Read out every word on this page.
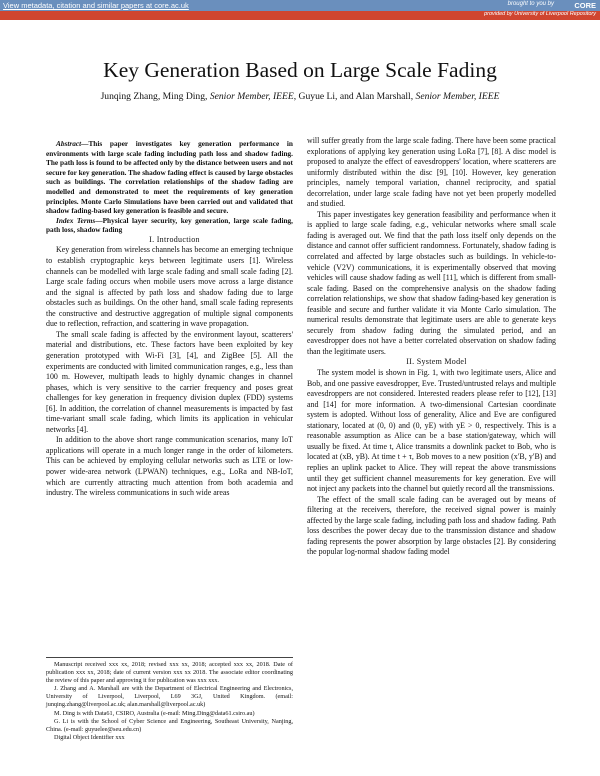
View metadata, citation and similar papers at core.ac.uk	brought to you by	CORE
provided by University of Liverpool Repository
Key Generation Based on Large Scale Fading
Junqing Zhang, Ming Ding, Senior Member, IEEE, Guyue Li, and Alan Marshall, Senior Member, IEEE

Abstract—This paper investigates key generation performance in environments with large scale fading including path loss and shadow fading. The path loss is found to be affected only by the distance between users and not secure for key generation. The shadow fading effect is caused by large obstacles such as buildings. The correlation relationships of the shadow fading are modelled and demonstrated to meet the requirements of key generation principles. Monte Carlo Simulations have been carried out and validated that shadow fading-based key generation is feasible and secure.

Index Terms—Physical layer security, key generation, large scale fading, path loss, shadow fading

I. Introduction

Key generation from wireless channels has become an emerging technique to establish cryptographic keys between legitimate users [1]. Wireless channels can be modelled with large scale fading and small scale fading [2]. Large scale fading occurs when mobile users move across a large distance and the signal is affected by path loss and shadow fading due to large obstacles such as buildings. On the other hand, small scale fading represents the constructive and destructive aggregation of multiple signal components due to reflection, refraction, and scattering in wave propagation.

The small scale fading is affected by the environment layout, scatterers' material and distributions, etc. These factors have been exploited by key generation prototyped with Wi-Fi [3], [4], and ZigBee [5]. All the experiments are conducted with limited communication ranges, e.g., less than 100 m. However, multipath leads to highly dynamic changes in channel phases, which is very sensitive to the carrier frequency and poses great challenges for key generation in frequency division duplex (FDD) systems [6]. In addition, the correlation of channel measurements is impacted by fast time-variant small scale fading, which limits its application in vehicular networks [4].

In addition to the above short range communication scenarios, many IoT applications will operate in a much longer range in the order of kilometers. This can be achieved by employing cellular networks such as LTE or low-power wide-area network (LPWAN) techniques, e.g., LoRa and NB-IoT, which are currently attracting much attention from both academia and industry. The wireless communications in such wide areas

Manuscript received xxx xx, 2018; revised xxx xx, 2018; accepted xxx xx, 2018. Date of publication xxx xx, 2018; date of current version xxx xx 2018. The associate editor coordinating the review of this paper and approving it for publication was xxx xxx.

J. Zhang and A. Marshall are with the Department of Electrical Engineering and Electronics, University of Liverpool, Liverpool, L69 3GJ, United Kingdom. (email: junqing.zhang@liverpool.ac.uk; alan.marshall@liverpool.ac.uk)

M. Ding is with Data61, CSIRO, Australia (e-mail: Ming.Ding@data61.csiro.au)

G. Li is with the School of Cyber Science and Engineering, Southeast University, Nanjing, China. (e-mail: guyuelee@seu.edu.cn)

Digital Object Identifier xxx

will suffer greatly from the large scale fading. There have been some practical explorations of applying key generation using LoRa [7], [8]. A disc model is proposed to analyze the effect of eavesdroppers' location, where scatterers are uniformly distributed within the disc [9], [10]. However, key generation principles, namely temporal variation, channel reciprocity, and spatial decorrelation, under large scale fading have not yet been properly modelled and studied.

This paper investigates key generation feasibility and performance when it is applied to large scale fading, e.g., vehicular networks where small scale fading is averaged out. We find that the path loss itself only depends on the distance and cannot offer sufficient randomness. Fortunately, shadow fading is correlated and affected by large obstacles such as buildings. In vehicle-to-vehicle (V2V) communications, it is experimentally observed that moving vehicles will cause shadow fading as well [11], which is different from small-scale fading. Based on the comprehensive analysis on the shadow fading correlation relationships, we show that shadow fading-based key generation is feasible and secure and further validate it via Monte Carlo simulation. The numerical results demonstrate that legitimate users are able to generate keys securely from shadow fading during the simulated period, and an eavesdropper does not have a better correlated observation on shadow fading than the legitimate users.

II. System Model

The system model is shown in Fig. 1, with two legitimate users, Alice and Bob, and one passive eavesdropper, Eve. Trusted/untrusted relays and multiple eavesdroppers are not considered. Interested readers please refer to [12], [13] and [14] for more information. A two-dimensional Cartesian coordinate system is adopted. Without loss of generality, Alice and Eve are configured stationary, located at (0, 0) and (0, yE) with yE > 0, respectively. This is a reasonable assumption as Alice can be a base station/gateway, which will usually be fixed. At time t, Alice transmits a downlink packet to Bob, who is located at (xB, yB). At time t + τ, Bob moves to a new position (x′B, y′B) and replies an uplink packet to Alice. They will repeat the above transmissions until they get sufficient channel measurements for key generation. Eve will not inject any packets into the channel but quietly record all the transmissions.

The effect of the small scale fading can be averaged out by means of filtering at the receivers, therefore, the received signal power is mainly affected by the large scale fading, including path loss and shadow fading. Path loss describes the power decay due to the transmission distance and shadow fading represents the power absorption by large obstacles [2]. By considering the popular log-normal shadow fading model
